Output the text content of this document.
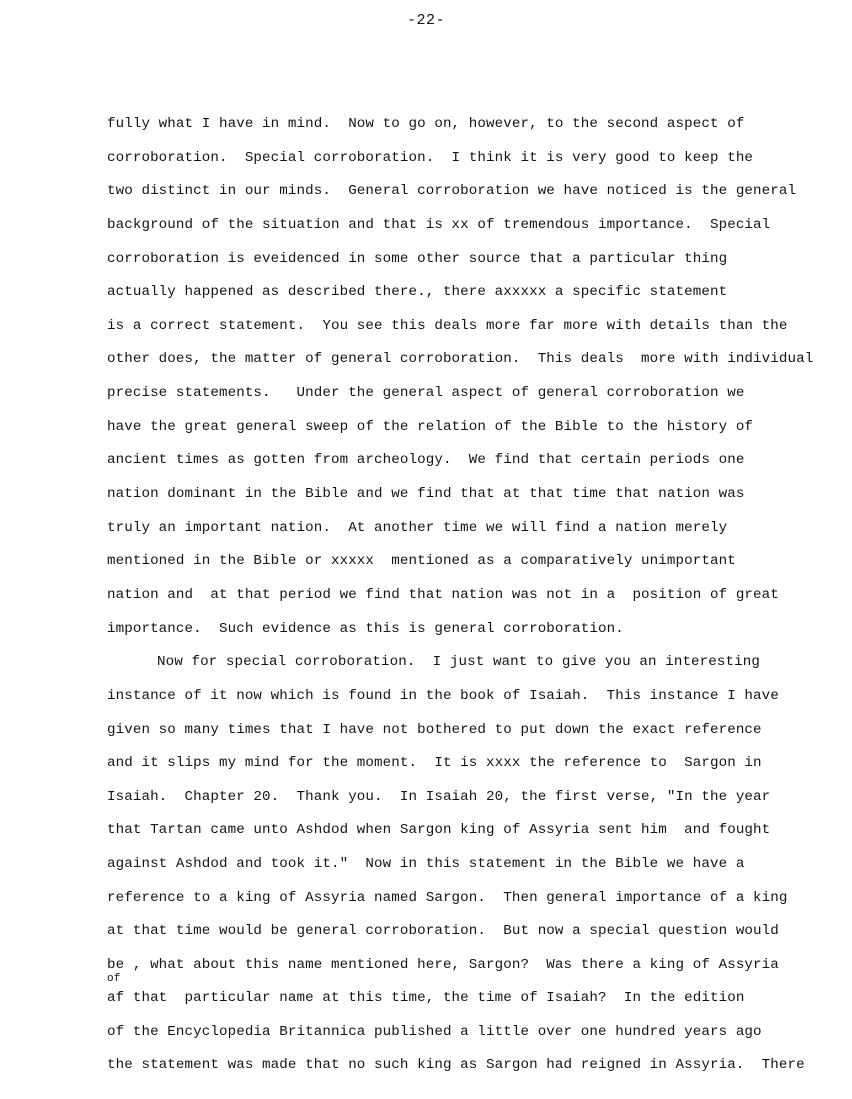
-22-
fully what I have in mind.  Now to go on, however, to the second aspect of
corroboration.  Special corroboration.  I think it is very good to keep the
two distinct in our minds.  General corroboration we have noticed is the general
background of the situation and that is xx of tremendous importance.  Special
corroboration is eveidenced in some other source that a particular thing
actually happened as described there., there axxxxx a specific statement
is a correct statement.  You see this deals more far more with details than the
other does, the matter of general corroboration.  This deals  more with individual
precise statements.   Under the general aspect of general corroboration we
have the great general sweep of the relation of the Bible to the history of
ancient times as gotten from archeology.  We find that certain periods one
nation dominant in the Bible and we find that at that time that nation was
truly an important nation.  At another time we will find a nation merely
mentioned in the Bible or xxxxx  mentioned as a comparatively unimportant
nation and  at that period we find that nation was not in a  position of great
importance.  Such evidence as this is general corroboration.
Now for special corroboration.  I just want to give you an interesting
instance of it now which is found in the book of Isaiah.  This instance I have
given so many times that I have not bothered to put down the exact reference
and it slips my mind for the moment.  It is xxxx the reference to  Sargon in
Isaiah.  Chapter 20.  Thank you.  In Isaiah 20, the first verse, "In the year
that Tartan came unto Ashdod when Sargon king of Assyria sent him  and fought
against Ashdod and took it."  Now in this statement in the Bible we have a
reference to a king of Assyria named Sargon.  Then general importance of a king
at that time would be general corroboration.  But now a special question would
be , what about this name mentioned here, Sargon?  Was there a king of Assyria
of
af that  particular name at this time, the time of Isaiah?  In the edition
of the Encyclopedia Britannica published a little over one hundred years ago
the statement was made that no such king as Sargon had reigned in Assyria.  There
